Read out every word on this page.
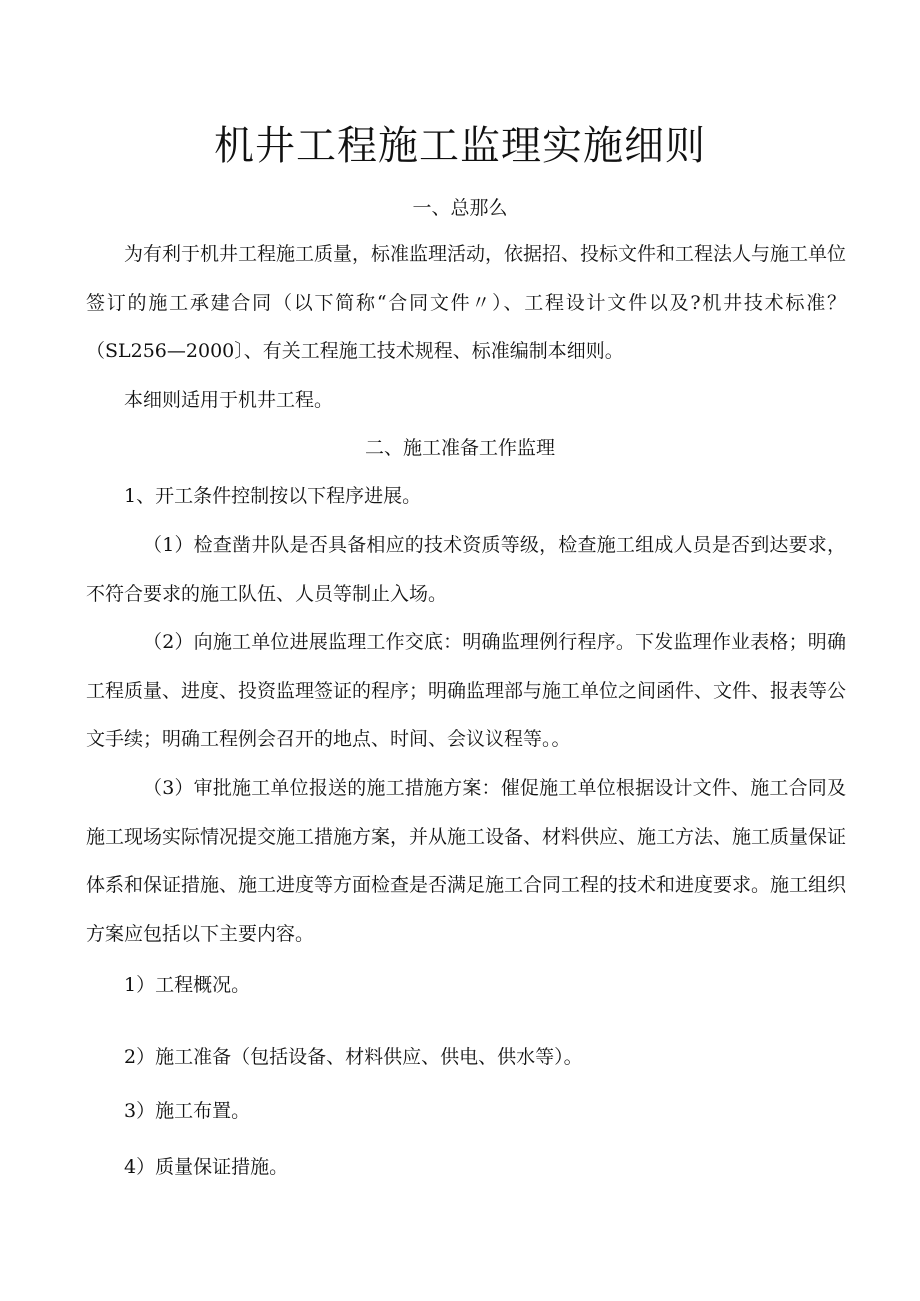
机井工程施工监理实施细则
一、总那么

为有利于机井工程施工质量，标准监理活动，依据招、投标文件和工程法人与施工单位签订的施工承建合同（以下简称“合同文件〃）、工程设计文件以及?机井技术标准？（SL256—2000〕、有关工程施工技术规程、标准编制本细则。

本细则适用于机井工程。

二、施工准备工作监理

1、开工条件控制按以下程序进展。

（1）检查凿井队是否具备相应的技术资质等级，检查施工组成人员是否到达要求，不符合要求的施工队伍、人员等制止入场。

（2）向施工单位进展监理工作交底：明确监理例行程序。下发监理作业表格；明确工程质量、进度、投资监理签证的程序；明确监理部与施工单位之间函件、文件、报表等公文手续；明确工程例会召开的地点、时间、会议议程等。。

（3）审批施工单位报送的施工措施方案：催促施工单位根据设计文件、施工合同及施工现场实际情况提交施工措施方案，并从施工设备、材料供应、施工方法、施工质量保证体系和保证措施、施工进度等方面检查是否满足施工合同工程的技术和进度要求。施工组织方案应包括以下主要内容。

1）工程概况。

2）施工准备（包括设备、材料供应、供电、供水等）。

3）施工布置。

4）质量保证措施。
